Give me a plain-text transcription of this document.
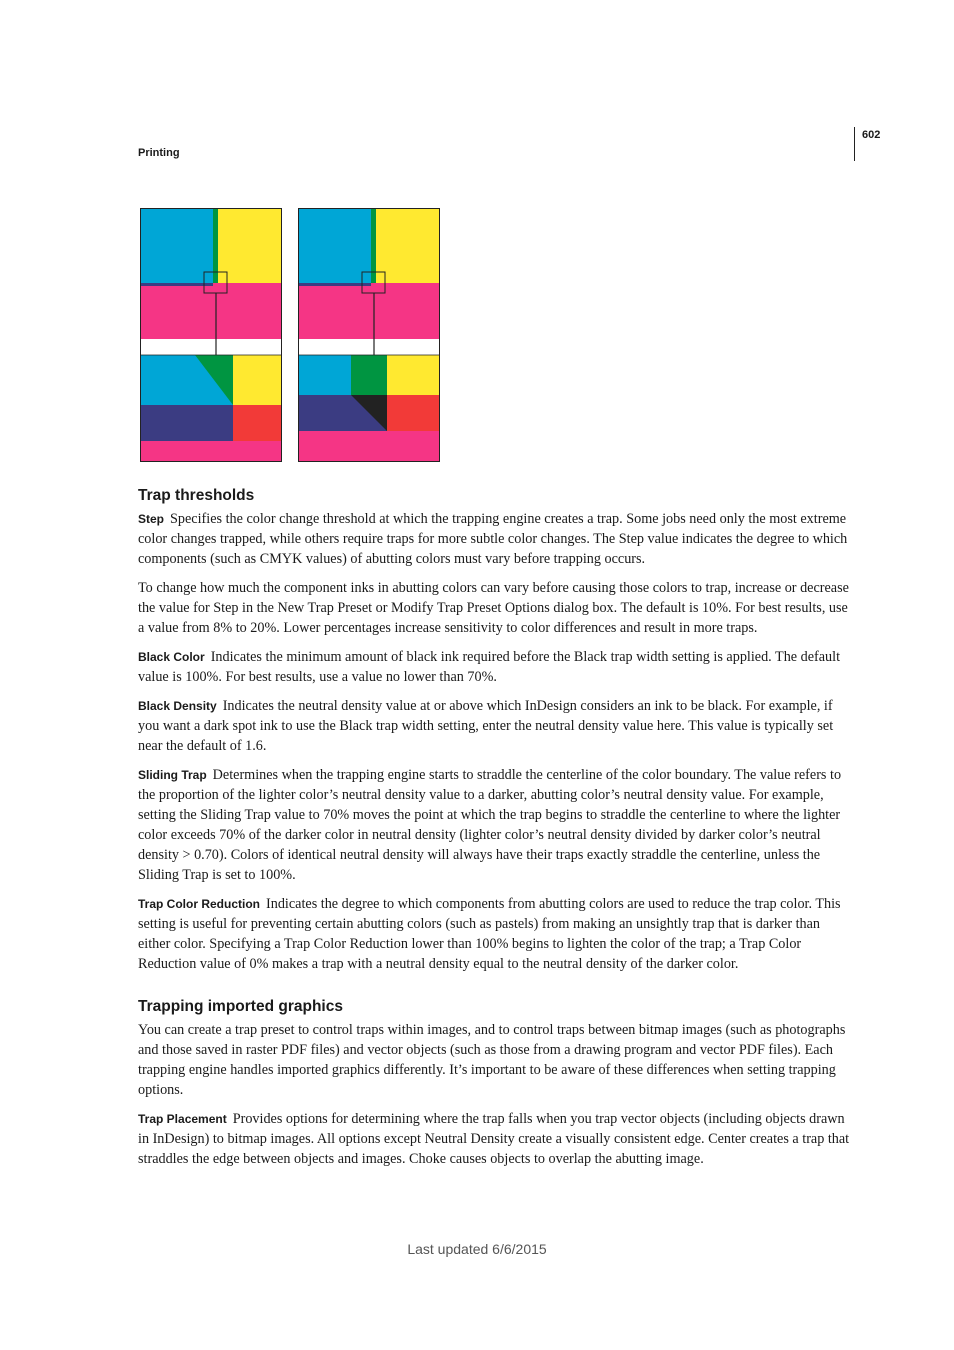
Printing
602
Trap thresholds

Step Specifies the color change threshold at which the trapping engine creates a trap. Some jobs need only the most extreme color changes trapped, while others require traps for more subtle color changes. The Step value indicates the degree to which components (such as CMYK values) of abutting colors must vary before trapping occurs.

To change how much the component inks in abutting colors can vary before causing those colors to trap, increase or decrease the value for Step in the New Trap Preset or Modify Trap Preset Options dialog box. The default is 10%. For best results, use a value from 8% to 20%. Lower percentages increase sensitivity to color differences and result in more traps.

Black Color Indicates the minimum amount of black ink required before the Black trap width setting is applied. The default value is 100%. For best results, use a value no lower than 70%.

Black Density Indicates the neutral density value at or above which InDesign considers an ink to be black. For example, if you want a dark spot ink to use the Black trap width setting, enter the neutral density value here. This value is typically set near the default of 1.6.

Sliding Trap Determines when the trapping engine starts to straddle the centerline of the color boundary. The value refers to the proportion of the lighter color’s neutral density value to a darker, abutting color’s neutral density value. For example, setting the Sliding Trap value to 70% moves the point at which the trap begins to straddle the centerline to where the lighter color exceeds 70% of the darker color in neutral density (lighter color’s neutral density divided by darker color’s neutral density > 0.70). Colors of identical neutral density will always have their traps exactly straddle the centerline, unless the Sliding Trap is set to 100%.

Trap Color Reduction Indicates the degree to which components from abutting colors are used to reduce the trap color. This setting is useful for preventing certain abutting colors (such as pastels) from making an unsightly trap that is darker than either color. Specifying a Trap Color Reduction lower than 100% begins to lighten the color of the trap; a Trap Color Reduction value of 0% makes a trap with a neutral density equal to the neutral density of the darker color.

Trapping imported graphics

You can create a trap preset to control traps within images, and to control traps between bitmap images (such as photographs and those saved in raster PDF files) and vector objects (such as those from a drawing program and vector PDF files). Each trapping engine handles imported graphics differently. It’s important to be aware of these differences when setting trapping options.

Trap Placement Provides options for determining where the trap falls when you trap vector objects (including objects drawn in InDesign) to bitmap images. All options except Neutral Density create a visually consistent edge. Center creates a trap that straddles the edge between objects and images. Choke causes objects to overlap the abutting image.

Last updated 6/6/2015
